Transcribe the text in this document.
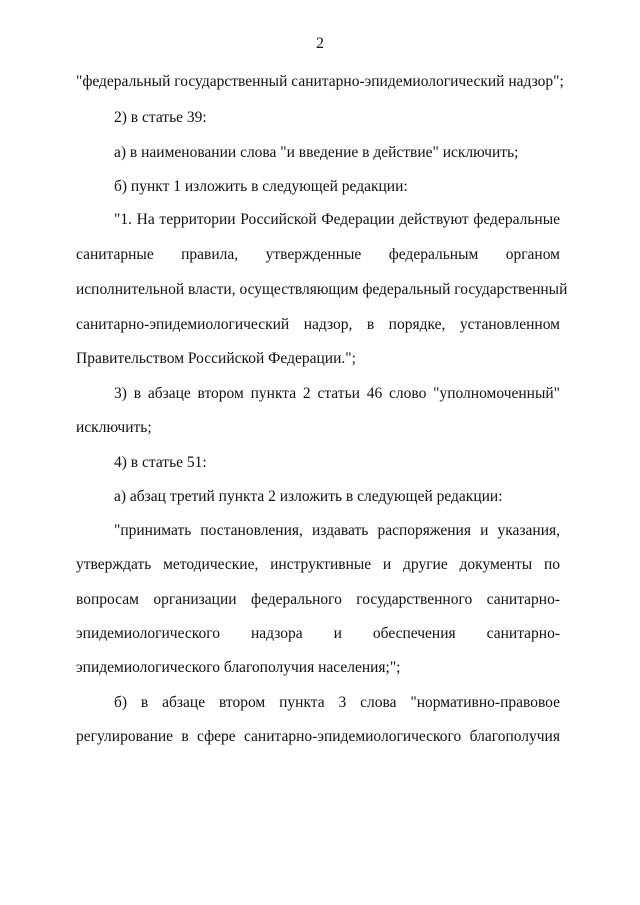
2
"федеральный государственный санитарно-эпидемиологический надзор";
2) в статье 39:
а) в наименовании слова "и введение в действие" исключить;
б) пункт 1 изложить в следующей редакции:
"1. На территории Российской Федерации действуют федеральные
санитарные правила, утвержденные федеральным органом
исполнительной власти, осуществляющим федеральный государственный
санитарно-эпидемиологический надзор, в порядке, установленном
Правительством Российской Федерации.";
3) в абзаце втором пункта 2 статьи 46 слово "уполномоченный"
исключить;
4) в статье 51:
а) абзац третий пункта 2 изложить в следующей редакции:
"принимать постановления, издавать распоряжения и указания,
утверждать методические, инструктивные и другие документы по
вопросам организации федерального государственного санитарно-
эпидемиологического надзора и обеспечения санитарно-
эпидемиологического благополучия населения;";
б) в абзаце втором пункта 3 слова "нормативно-правовое
регулирование в сфере санитарно-эпидемиологического благополучия
